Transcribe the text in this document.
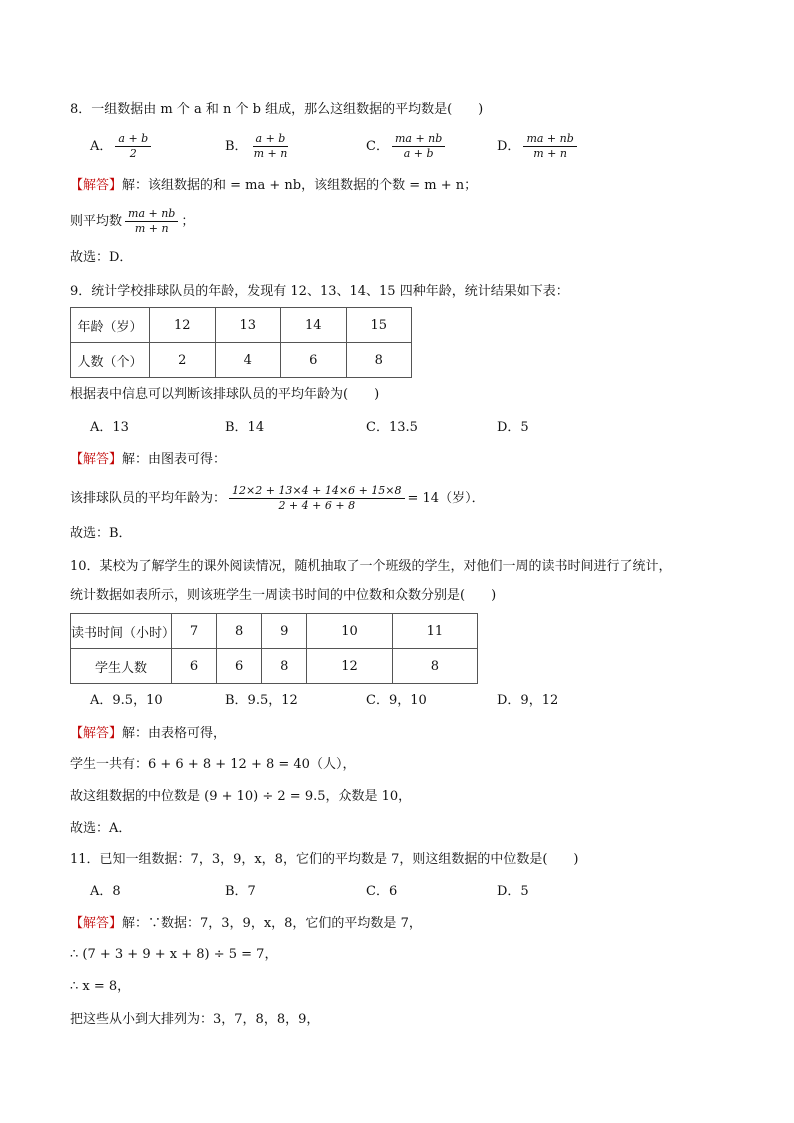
8．一组数据由 m 个 a 和 n 个 b 组成，那么这组数据的平均数是(　　)
A． $\frac{a + b}{2}$	B． $\frac{a + b}{m + n}$	C． $\frac{ma + nb}{a + b}$	D． $\frac{ma + nb}{m + n}$
【解答】解：该组数据的和 = ma + nb，该组数据的个数 = m + n；
则平均数 $\frac{ma + nb}{m + n}$ ；
故选：D．
9．统计学校排球队员的年龄，发现有 12、13、14、15 四种年龄，统计结果如下表：
年龄（岁）	12	13	14	15
人数（个）	2	4	6	8
根据表中信息可以判断该排球队员的平均年龄为(　　)
A．13	B．14	C．13.5	D．5
【解答】解：由图表可得：
该排球队员的平均年龄为： $\frac{12\times 2 + 13\times 4 + 14\times 6 + 15\times 8}{2 + 4 + 6 + 8} = 14$（岁）．
故选：B．
10．某校为了解学生的课外阅读情况，随机抽取了一个班级的学生，对他们一周的读书时间进行了统计，
统计数据如表所示，则该班学生一周读书时间的中位数和众数分别是(　　)
读书时间（小时）	7	8	9	10	11
学生人数	6	6	8	12	8
A．9.5，10	B．9.5，12	C．9，10	D．9，12
【解答】解：由表格可得，
学生一共有：6 + 6 + 8 + 12 + 8 = 40（人），
故这组数据的中位数是 (9 + 10) ÷ 2 = 9.5，众数是 10，
故选：A．
11．已知一组数据：7，3，9，x，8，它们的平均数是 7，则这组数据的中位数是(　　)
A．8	B．7	C．6	D．5
【解答】解：∵数据：7，3，9，x，8，它们的平均数是 7，
∴ (7 + 3 + 9 + x + 8) ÷ 5 = 7，
∴ x = 8，
把这些从小到大排列为：3，7，8，8，9，
